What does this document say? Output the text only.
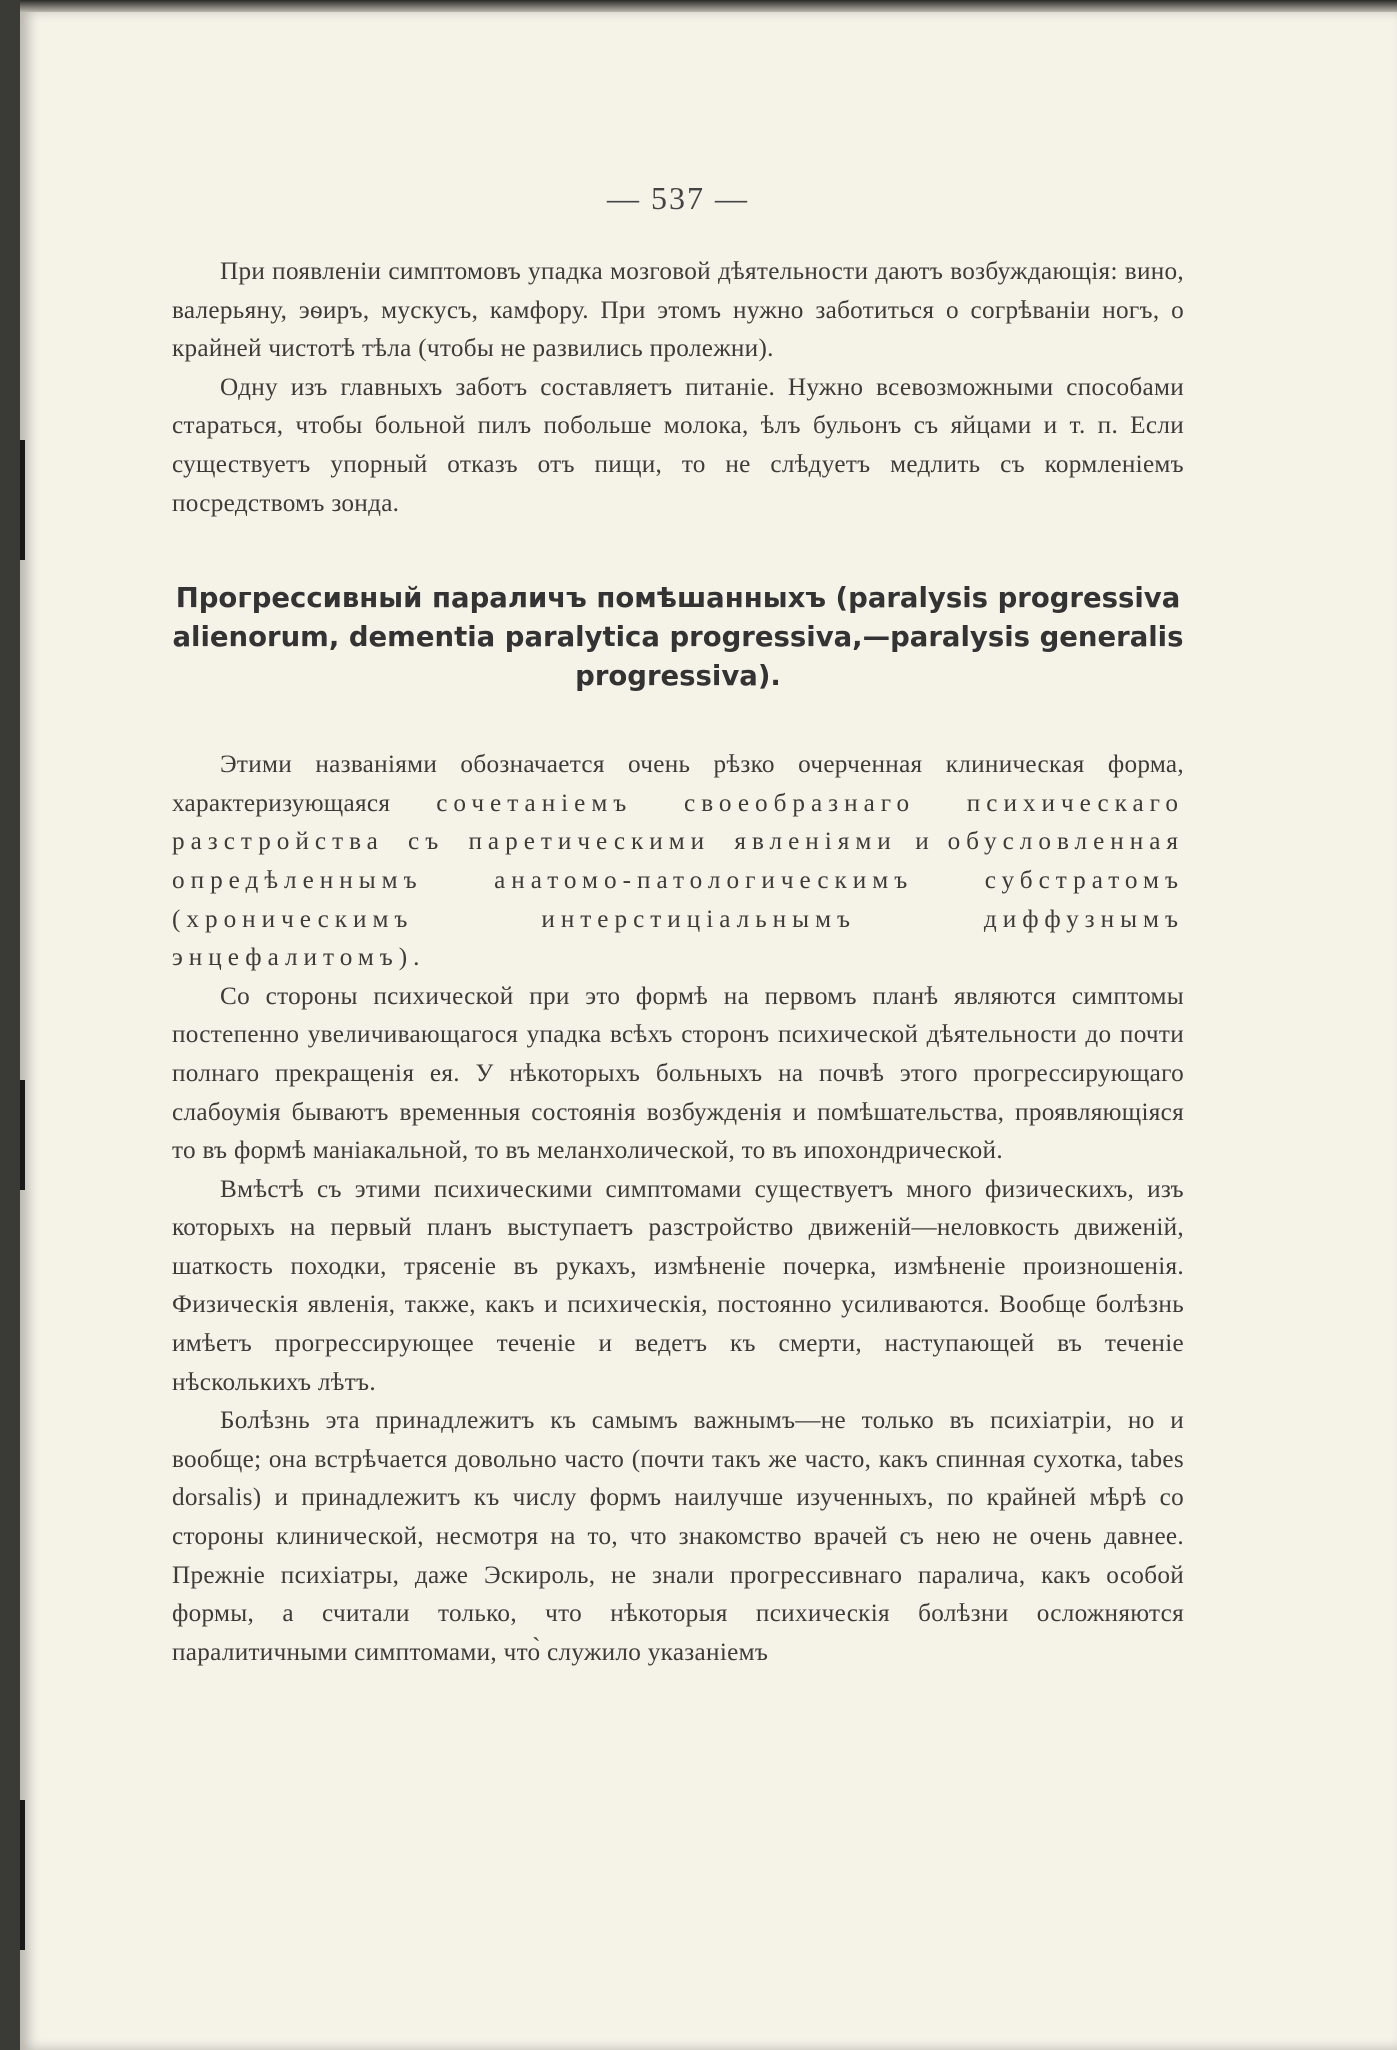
— 537 —

При появленіи симптомовъ упадка мозговой дѣятельности даютъ возбуждающія: вино, валерьяну, эѳиръ, мускусъ, камфору. При этомъ нужно заботиться о согрѣваніи ногъ, о крайней чистотѣ тѣла (чтобы не развились пролежни).

Одну изъ главныхъ заботъ составляетъ питаніе. Нужно всевозможными способами стараться, чтобы больной пилъ побольше молока, ѣлъ бульонъ съ яйцами и т. п. Если существуетъ упорный отказъ отъ пищи, то не слѣдуетъ медлить съ кормленіемъ посредствомъ зонда.

Прогрессивный параличъ помѣшанныхъ (paralysis progressiva alienorum, dementia paralytica progressiva,—paralysis generalis progressiva).

Этими названіями обозначается очень рѣзко очерченная клиническая форма, характеризующаяся сочетаніемъ своеобразнаго психическаго разстройства съ паретическими явленіями и обусловленная опредѣленнымъ анатомо-патологическимъ субстратомъ (хроническимъ интерстиціальнымъ диффузнымъ энцефалитомъ).

Со стороны психической при это формѣ на первомъ планѣ являются симптомы постепенно увеличивающагося упадка всѣхъ сторонъ психической дѣятельности до почти полнаго прекращенія ея. У нѣкоторыхъ больныхъ на почвѣ этого прогрессирующаго слабоумія бываютъ временныя состоянія возбужденія и помѣшательства, проявляющіяся то въ формѣ маніакальной, то въ меланхолической, то въ ипохондрической.

Вмѣстѣ съ этими психическими симптомами существуетъ много физическихъ, изъ которыхъ на первый планъ выступаетъ разстройство движеній—неловкость движеній, шаткость походки, трясеніе въ рукахъ, измѣненіе почерка, измѣненіе произношенія. Физическія явленія, также, какъ и психическія, постоянно усиливаются. Вообще болѣзнь имѣетъ прогрессирующее теченіе и ведетъ къ смерти, наступающей въ теченіе нѣсколькихъ лѣтъ.

Болѣзнь эта принадлежитъ къ самымъ важнымъ—не только въ психіатріи, но и вообще; она встрѣчается довольно часто (почти такъ же часто, какъ спинная сухотка, tabes dorsalis) и принадлежитъ къ числу формъ наилучше изученныхъ, по крайней мѣрѣ со стороны клинической, несмотря на то, что знакомство врачей съ нею не очень давнее. Прежніе психіатры, даже Эскироль, не знали прогрессивнаго паралича, какъ особой формы, а считали только, что нѣкоторыя психическія болѣзни осложняются паралитичными симптомами, что̀ служило указаніемъ
